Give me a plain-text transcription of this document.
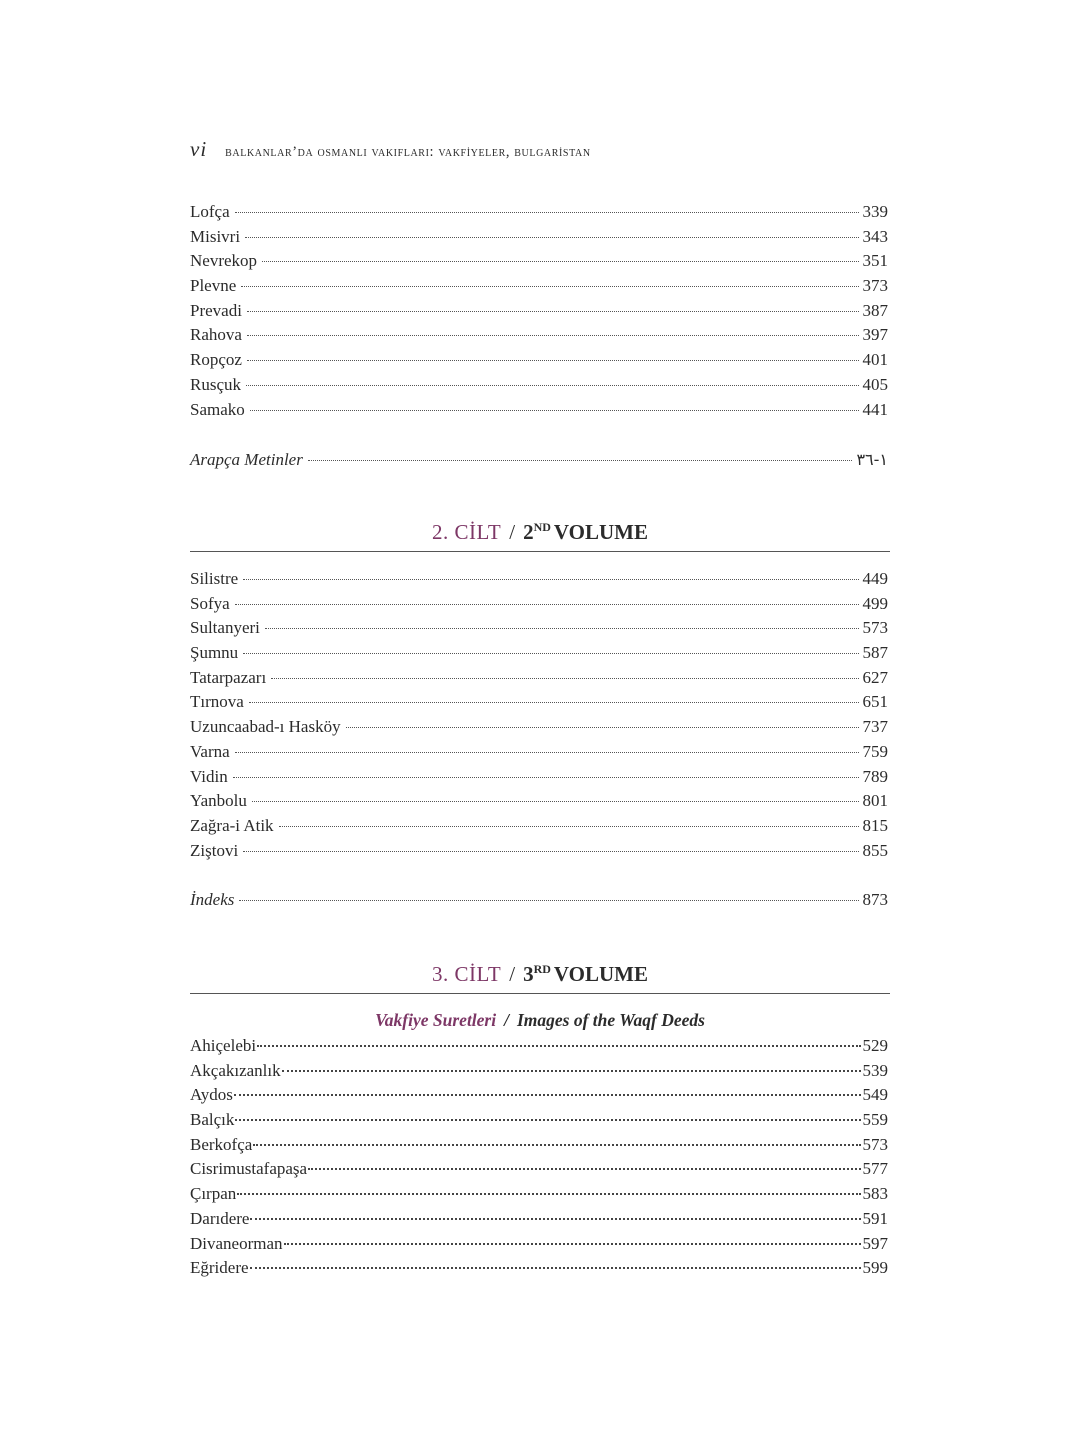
vi balkanlar’da osmanli vakiflari: vakfi̇yeler, bulgari̇stan
Lofça	339
Misivri	343
Nevrekop	351
Plevne	373
Prevadi	387
Rahova	397
Ropçoz	401
Rusçuk	405
Samako	441
Arapça Metinler	١-٣٦
2. CİLT / 2ND VOLUME
Silistre	449
Sofya	499
Sultanyeri	573
Şumnu	587
Tatarpazarı	627
Tırnova	651
Uzuncaabad-ı Hasköy	737
Varna	759
Vidin	789
Yanbolu	801
Zağra-i Atik	815
Ziştovi	855
İndeks	873
3. CİLT / 3RD VOLUME
Vakfiye Suretleri / Images of the Waqf Deeds
Ahiçelebi	529
Akçakızanlık	539
Aydos	549
Balçık	559
Berkofça	573
Cisrimustafapaşa	577
Çırpan	583
Darıdere	591
Divaneorman	597
Eğridere	599
